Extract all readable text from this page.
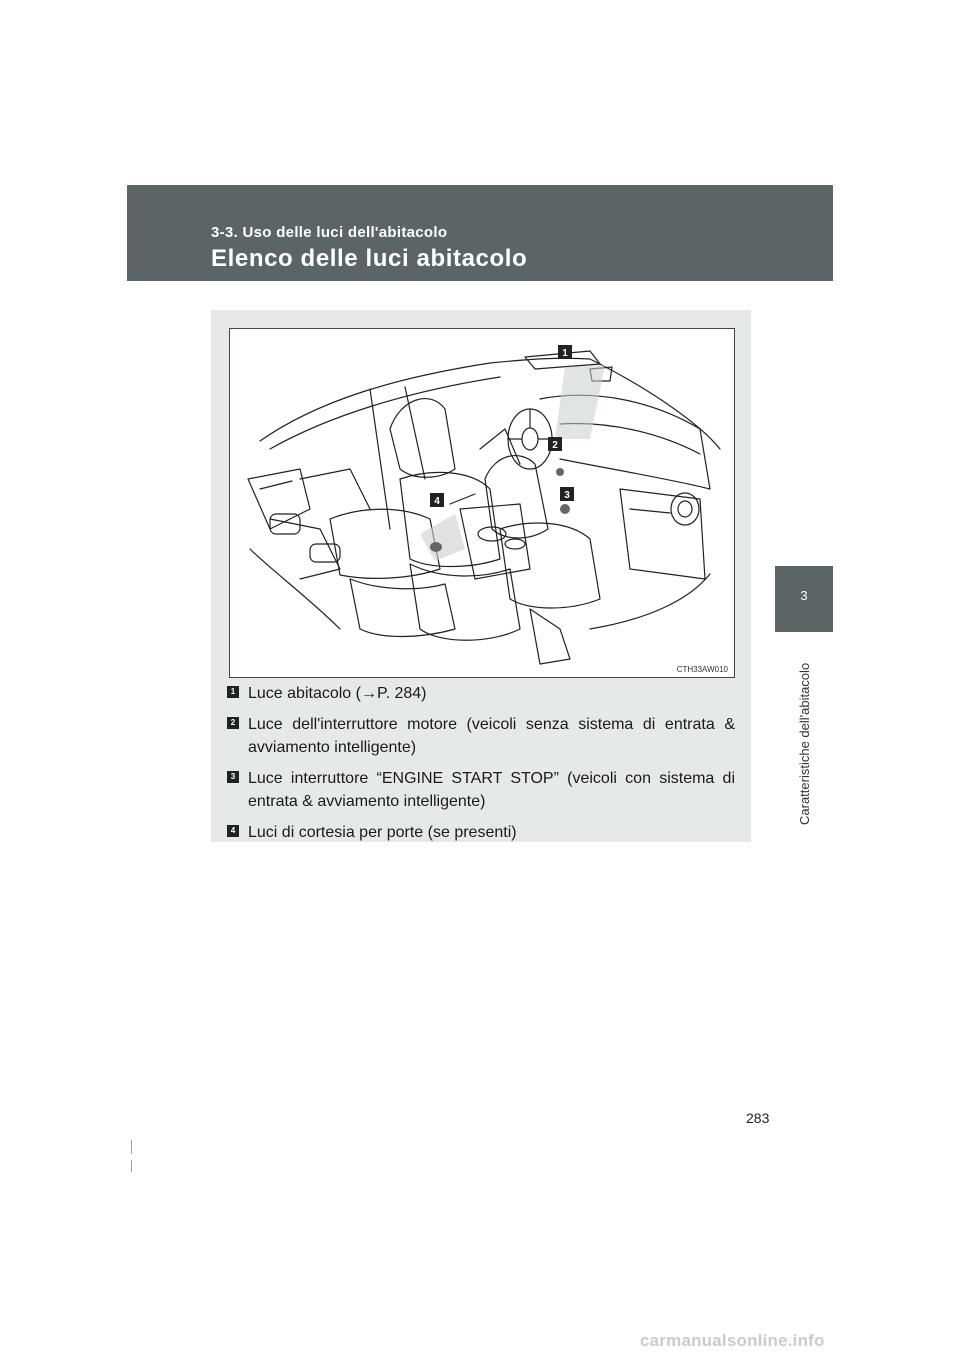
3-3. Uso delle luci dell'abitacolo
Elenco delle luci abitacolo
3
Caratteristiche dell'abitacolo
1
2
3
4
CTH33AW010
1 Luce abitacolo (→P. 284)
2 Luce dell'interruttore motore (veicoli senza sistema di entrata & avviamento intelligente)
3 Luce interruttore “ENGINE START STOP” (veicoli con sistema di entrata & avviamento intelligente)
4 Luci di cortesia per porte (se presenti)
283
carmanualsonline.info
